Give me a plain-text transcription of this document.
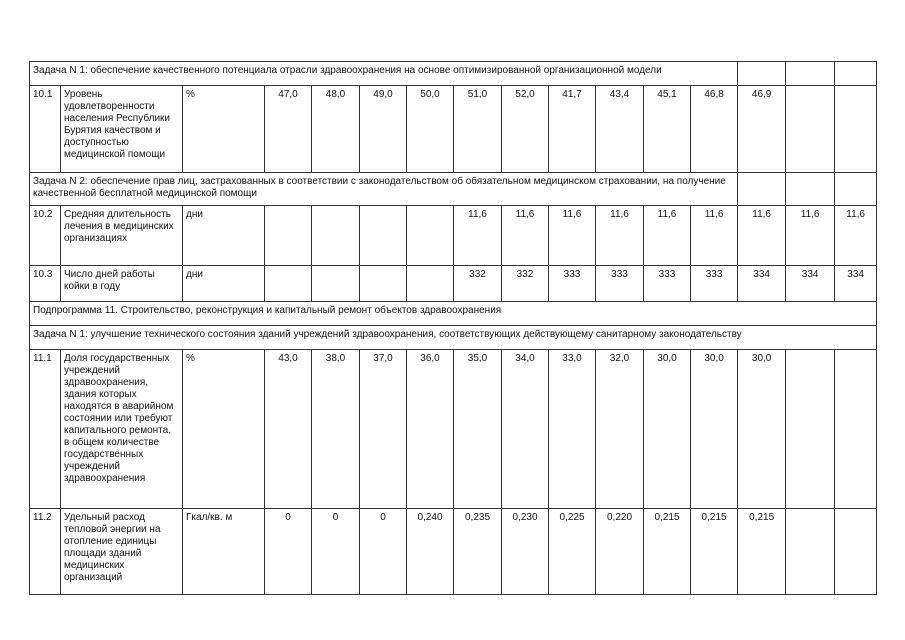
Задача N 1: обеспечение качественного потенциала отрасли здравоохранения на основе оптимизированной организационной модели															
10.1	Уровень удовлетворенности населения Республики Бурятия качеством и доступностью медицинской помощи	%	47,0	48,0	49,0	50,0	51,0	52,0	41,7	43,4	45,1	46,8	46,9		
Задача N 2: обеспечение прав лиц, застрахованных в соответствии с законодательством об обязательном медицинском страховании, на получение качественной бесплатной медицинской помощи															
10.2	Средняя длительность лечения в медицинских организациях	дни					11,6	11,6	11,6	11,6	11,6	11,6	11,6	11,6	11,6
10.3	Число дней работы койки в году	дни					332	332	333	333	333	333	334	334	334
Подпрограмма 11. Строительство, реконструкция и капитальный ремонт объектов здравоохранения															
Задача N 1: улучшение технического состояния зданий учреждений здравоохранения, соответствующих действующему санитарному законодательству															
11.1	Доля государственных учреждений здравоохранения, здания которых находятся в аварийном состоянии или требуют капитального ремонта, в общем количестве государственных учреждений здравоохранения	%	43,0	38,0	37,0	36,0	35,0	34,0	33,0	32,0	30,0	30,0	30,0		
11.2	Удельный расход тепловой энергии на отопление единицы площади зданий медицинских организаций	Гкал/кв. м	0	0	0	0,240	0,235	0,230	0,225	0,220	0,215	0,215	0,215		
